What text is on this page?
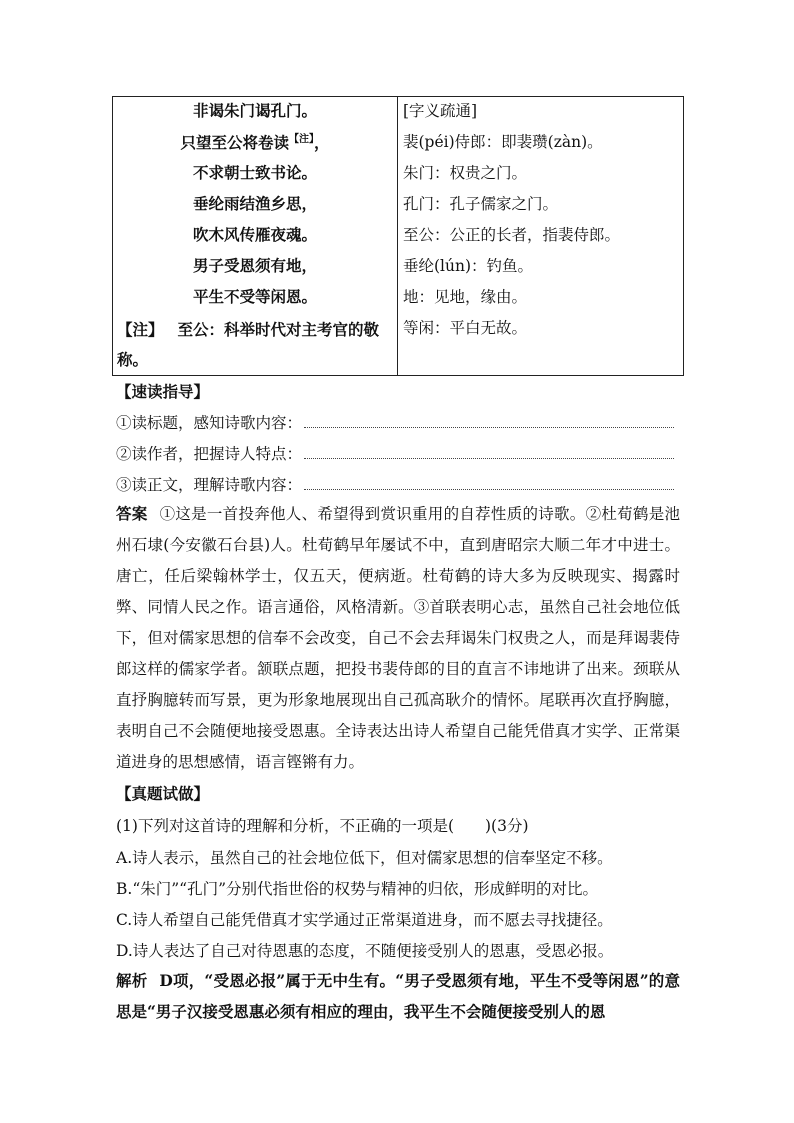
非谒朱门谒孔门。
只望至公将卷读$^{【注】}$，
不求朝士致书论。
垂纶雨结渔乡思，
吹木风传雁夜魂。
男子受恩须有地，
平生不受等闲恩。
【注】 至公：科举时代对主考官的敬称。
[字义疏通]
裴(péi)侍郎：即裴瓒(zàn)。
朱门：权贵之门。
孔门：孔子儒家之门。
至公：公正的长者，指裴侍郎。
垂纶(lún)：钓鱼。
地：见地，缘由。
等闲：平白无故。
【速读指导】
①读标题，感知诗歌内容：
②读作者，把握诗人特点：
③读正文，理解诗歌内容：
答案 ①这是一首投奔他人、希望得到赏识重用的自荐性质的诗歌。②杜荀鹤是池州石埭(今安徽石台县)人。杜荀鹤早年屡试不中，直到唐昭宗大顺二年才中进士。唐亡，任后梁翰林学士，仅五天，便病逝。杜荀鹤的诗大多为反映现实、揭露时弊、同情人民之作。语言通俗，风格清新。③首联表明心志，虽然自己社会地位低下，但对儒家思想的信奉不会改变，自己不会去拜谒朱门权贵之人，而是拜谒裴侍郎这样的儒家学者。颔联点题，把投书裴侍郎的目的直言不讳地讲了出来。颈联从直抒胸臆转而写景，更为形象地展现出自己孤高耿介的情怀。尾联再次直抒胸臆，表明自己不会随便地接受恩惠。全诗表达出诗人希望自己能凭借真才实学、正常渠道进身的思想感情，语言铿锵有力。
【真题试做】
(1)下列对这首诗的理解和分析，不正确的一项是(　　)(3分)
A.诗人表示，虽然自己的社会地位低下，但对儒家思想的信奉坚定不移。
B.“朱门”“孔门”分别代指世俗的权势与精神的归依，形成鲜明的对比。
C.诗人希望自己能凭借真才实学通过正常渠道进身，而不愿去寻找捷径。
D.诗人表达了自己对待恩惠的态度，不随便接受别人的恩惠，受恩必报。
解析 D项，“受恩必报”属于无中生有。“男子受恩须有地，平生不受等闲恩”的意思是“男子汉接受恩惠必须有相应的理由，我平生不会随便接受别人的恩
